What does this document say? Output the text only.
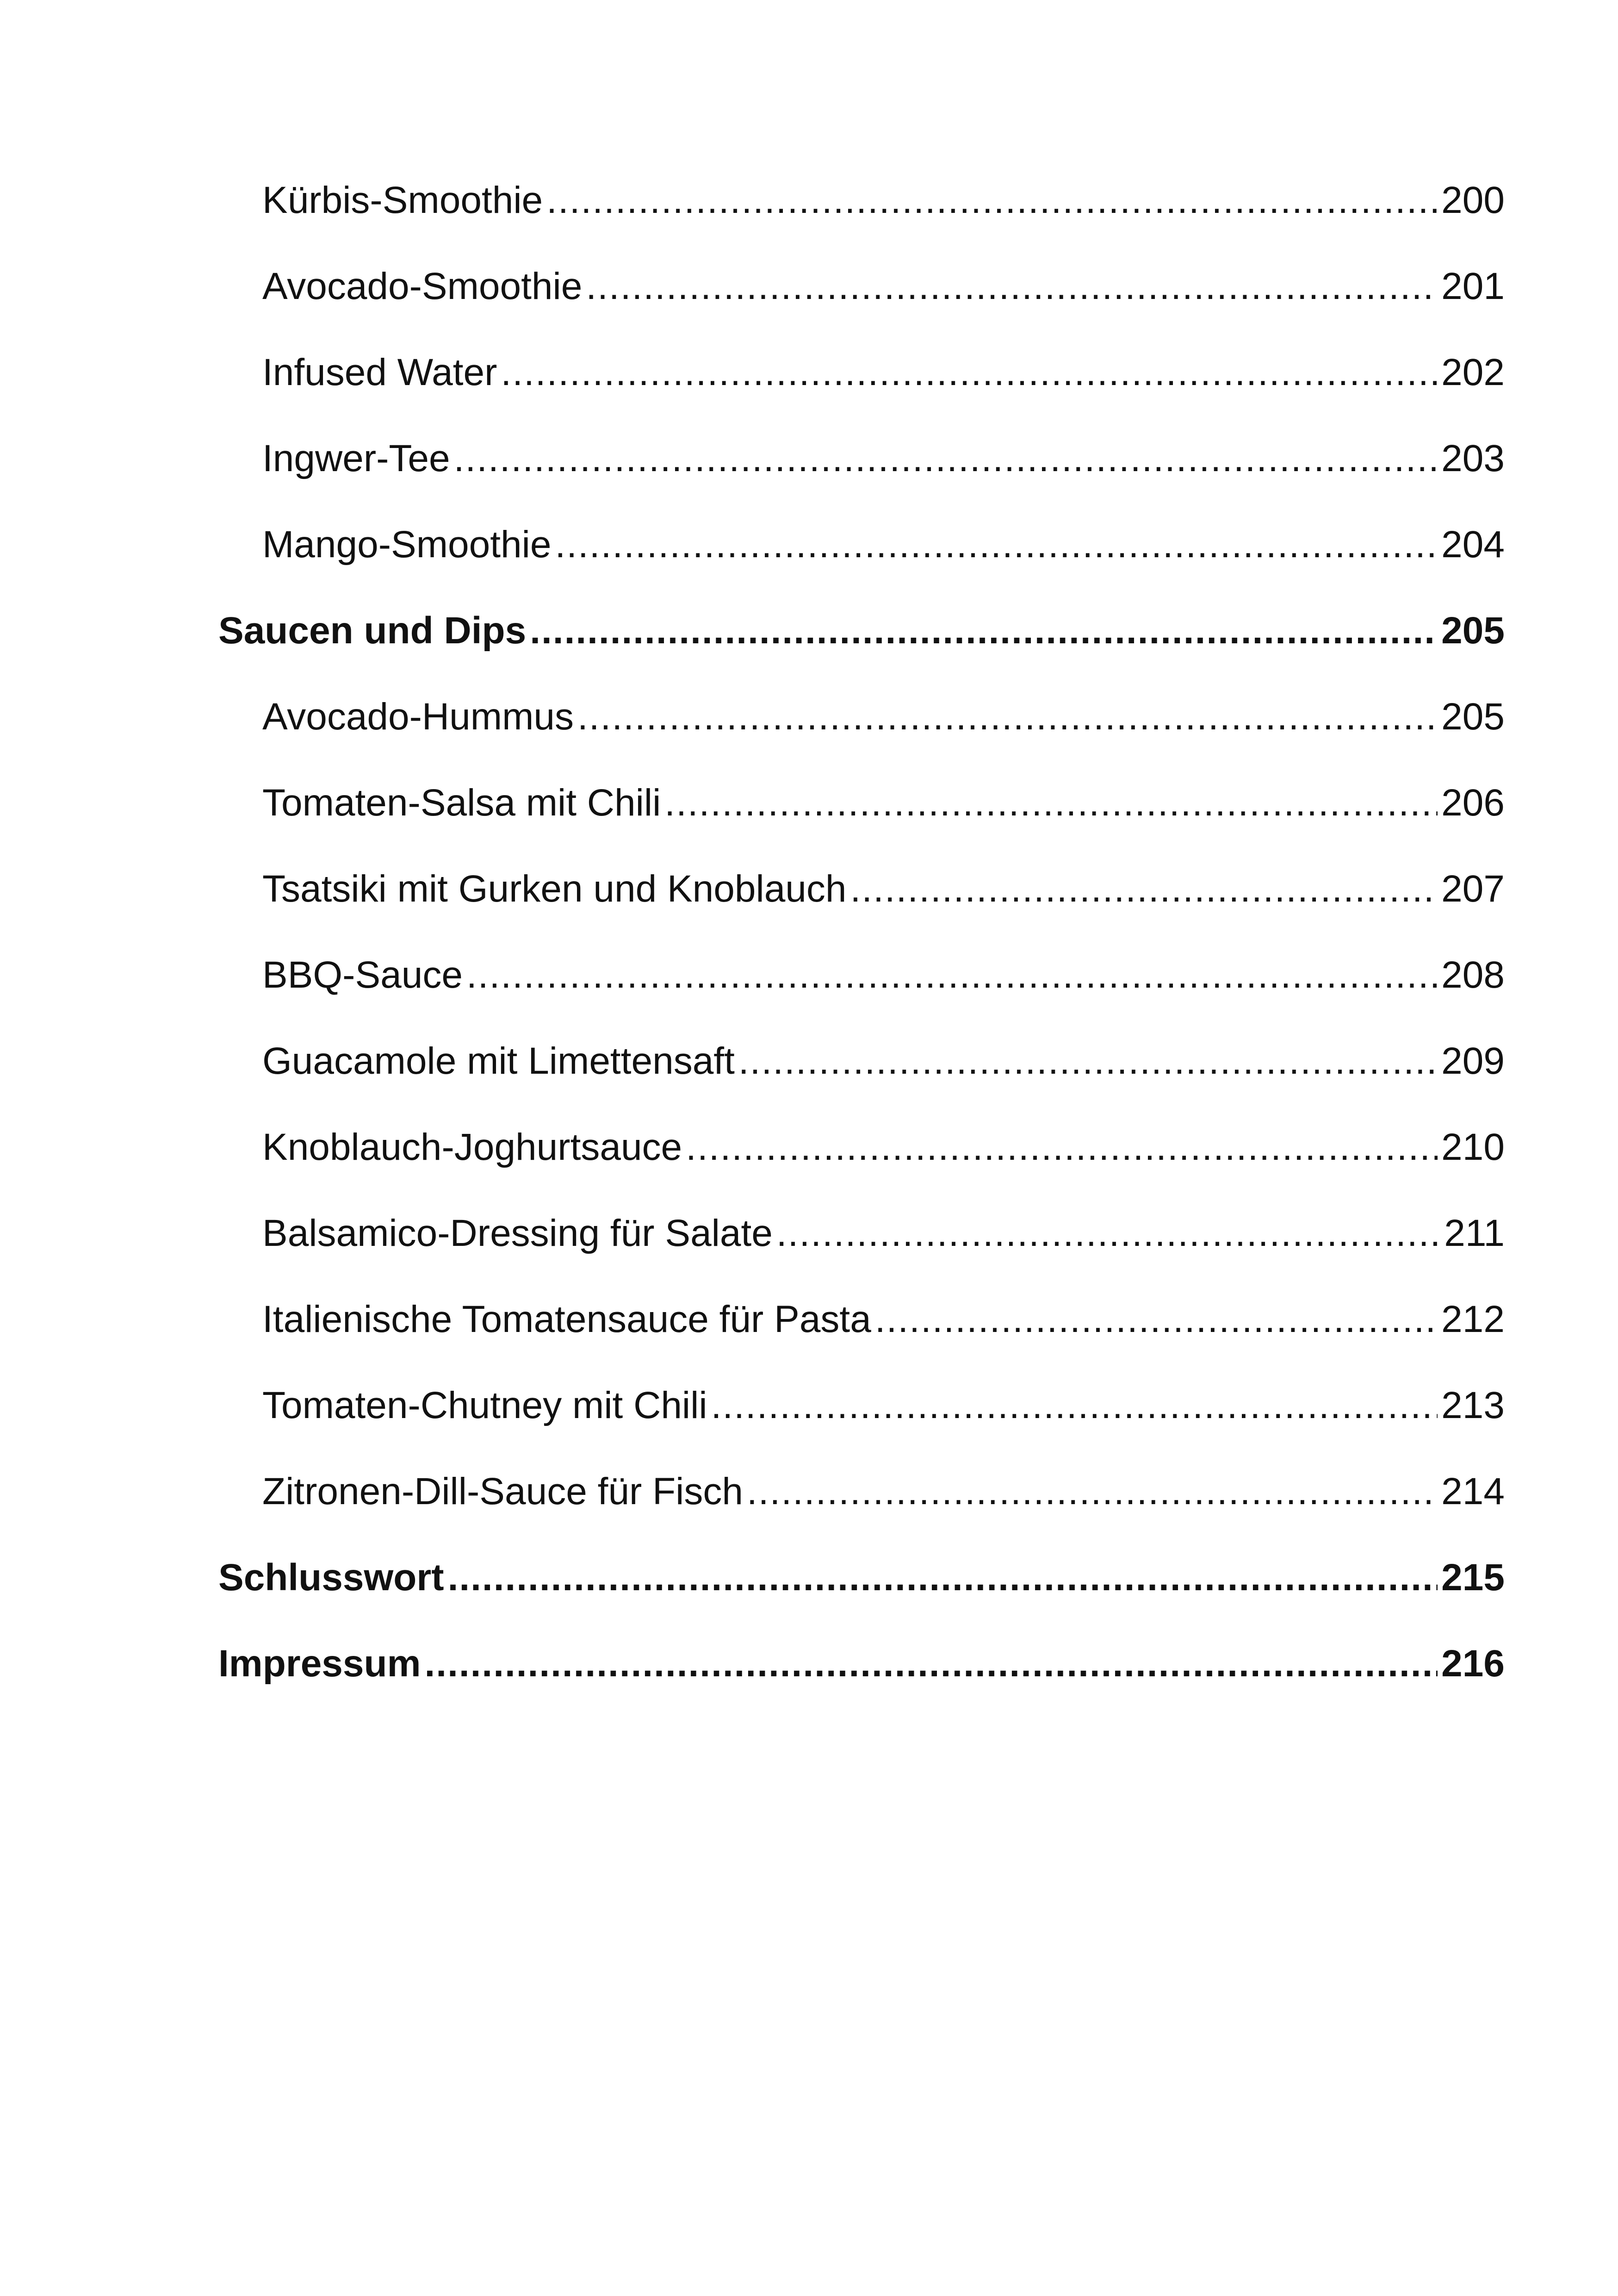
Kürbis-Smoothie .....	200
Avocado-Smoothie .....	201
Infused Water .....	202
Ingwer-Tee .....	203
Mango-Smoothie .....	204
Saucen und Dips .....	205
Avocado-Hummus .....	205
Tomaten-Salsa mit Chili .....	206
Tsatsiki mit Gurken und Knoblauch .....	207
BBQ-Sauce .....	208
Guacamole mit Limettensaft .....	209
Knoblauch-Joghurtsauce .....	210
Balsamico-Dressing für Salate .....	211
Italienische Tomatensauce für Pasta .....	212
Tomaten-Chutney mit Chili .....	213
Zitronen-Dill-Sauce für Fisch .....	214
Schlusswort .....	215
Impressum .....	216
